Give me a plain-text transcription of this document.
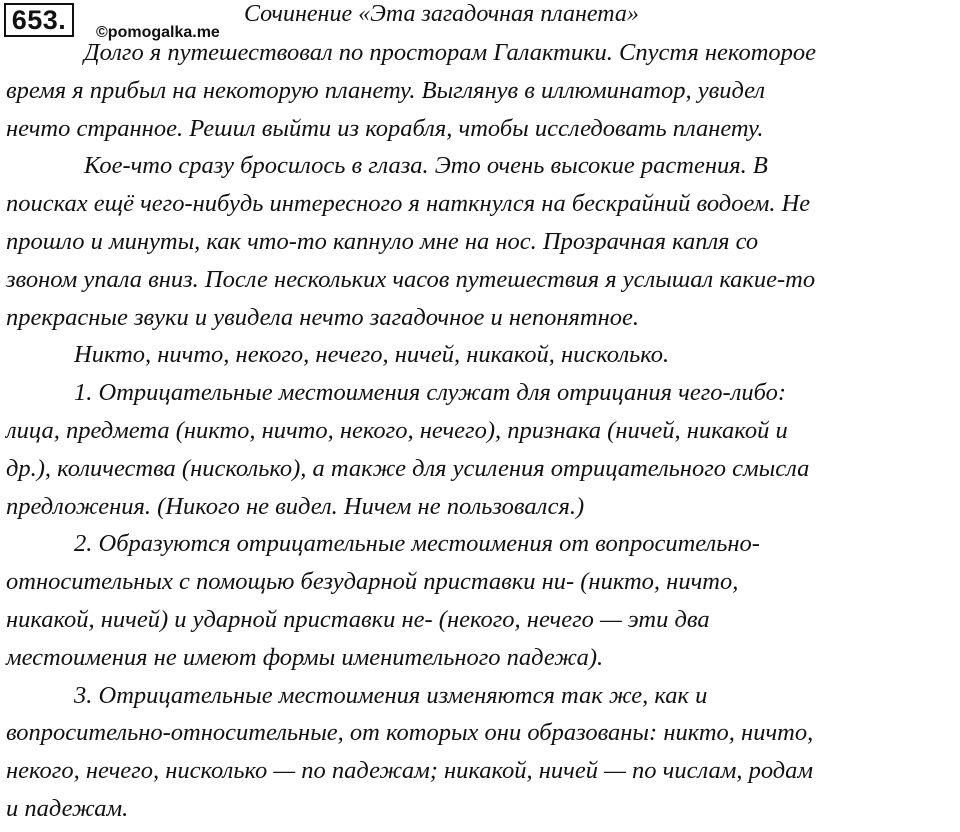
653.	Сочинение «Эта загадочная планета»
©pomogalka.me
Долго я путешествовал по просторам Галактики. Спустя некоторое
время я прибыл на некоторую планету. Выглянув в иллюминатор, увидел
нечто странное. Решил выйти из корабля, чтобы исследовать планету.
Кое-что сразу бросилось в глаза. Это очень высокие растения. В
поисках ещё чего-нибудь интересного я наткнулся на бескрайний водоем. Не
прошло и минуты, как что-то капнуло мне на нос. Прозрачная капля со
звоном упала вниз. После нескольких часов путешествия я услышал какие-то
прекрасные звуки и увидела нечто загадочное и непонятное.
Никто, ничто, некого, нечего, ничей, никакой, нисколько.
1. Отрицательные местоимения служат для отрицания чего-либо:
лица, предмета (никто, ничто, некого, нечего), признака (ничей, никакой и
др.), количества (нисколько), а также для усиления отрицательного смысла
предложения. (Никого не видел. Ничем не пользовался.)
2. Образуются отрицательные местоимения от вопросительно-
относительных с помощью безударной приставки ни- (никто, ничто,
никакой, ничей) и ударной приставки не- (некого, нечего — эти два
местоимения не имеют формы именительного падежа).
3. Отрицательные местоимения изменяются так же, как и
вопросительно-относительные, от которых они образованы: никто, ничто,
некого, нечего, нисколько — по падежам; никакой, ничей — по числам, родам
и падежам.
